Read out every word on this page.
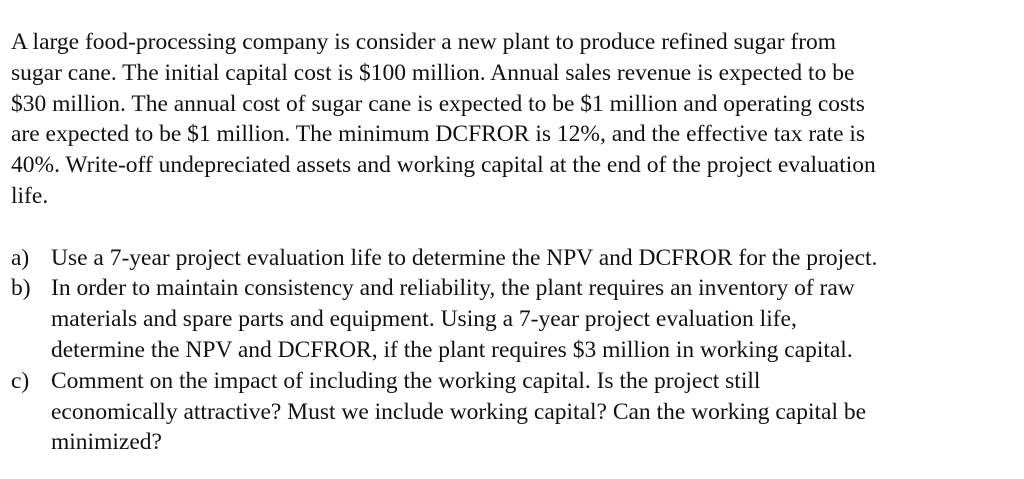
A large food-processing company is consider a new plant to produce refined sugar from
sugar cane. The initial capital cost is $100 million. Annual sales revenue is expected to be
$30 million. The annual cost of sugar cane is expected to be $1 million and operating costs
are expected to be $1 million. The minimum DCFROR is 12%, and the effective tax rate is
40%. Write-off undepreciated assets and working capital at the end of the project evaluation
life.
a) Use a 7-year project evaluation life to determine the NPV and DCFROR for the project.
b) In order to maintain consistency and reliability, the plant requires an inventory of raw
materials and spare parts and equipment. Using a 7-year project evaluation life,
determine the NPV and DCFROR, if the plant requires $3 million in working capital.
c) Comment on the impact of including the working capital. Is the project still
economically attractive? Must we include working capital? Can the working capital be
minimized?
